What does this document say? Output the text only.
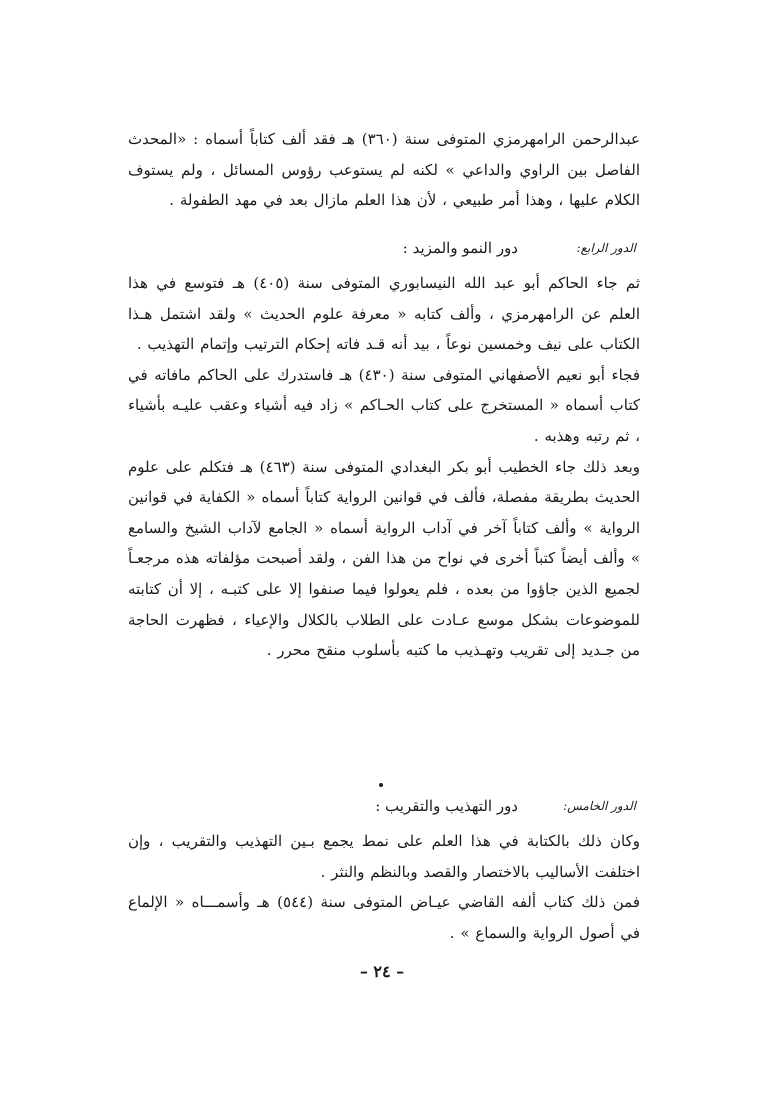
عبدالرحمن الرامهرمزي المتوفى سنة (٣٦٠) هـ فقد ألف كتاباً أسماه : «المحدث الفاصل بين الراوي والداعي » لكنه لم يستوعب رؤوس المسائل ، ولم يستوف الكلام عليها ، وهذا أمر طبيعي ، لأن هذا العلم مازال بعد في مهد الطفولة .

الدور الرابع:
دور النمو والمزيد :

ثم جاء الحاكم أبو عبد الله النيسابوري المتوفى سنة (٤٠٥) هـ فتوسع في هذا العلم عن الرامهرمزي ، وألف كتابه « معرفة علوم الحديث » ولقد اشتمل هـذا الكتاب على نيف وخمسين نوعاً ، بيد أنه قـد فاته إحكام الترتيب وإتمام التهذيب .

فجاء أبو نعيم الأصفهاني المتوفى سنة (٤٣٠) هـ فاستدرك على الحاكم مافاته في كتاب أسماه « المستخرج على كتاب الحـاكم » زاد فيه أشياء وعقب عليـه بأشياء ، ثم رتبه وهذبه .

وبعد ذلك جاء الخطيب أبو بكر البغدادي المتوفى سنة (٤٦٣) هـ فتكلم على علوم الحديث بطريقة مفصلة، فألف في قوانين الرواية كتاباً أسماه « الكفاية في قوانين الرواية » وألف كتاباً آخر في آداب الرواية أسماه « الجامع لآداب الشيخ والسامع » وألف أيضاً كتباً أخرى في نواح من هذا الفن ، ولقد أصبحت مؤلفاته هذه مرجعـاً لجميع الذين جاؤوا من بعده ، فلم يعولوا فيما صنفوا إلا على كتبـه ، إلا أن كتابته للموضوعات بشكل موسع عـادت على الطلاب بالكلال والإعياء ، فظهرت الحاجة من جـديد إلى تقريب وتهـذيب ما كتبه بأسلوب منقح محرر .

الدور الخامس:
دور التهذيب والتقريب :

وكان ذلك بالكتابة في هذا العلم على نمط يجمع بـين التهذيب والتقريب ، وإن اختلفت الأساليب بالاختصار والقصد وبالنظم والنثر .

فمن ذلك كتاب ألفه القاضي عيـاض المتوفى سنة (٥٤٤) هـ وأسمـــاه « الإلماع في أصول الرواية والسماع » .

– ٢٤ –
